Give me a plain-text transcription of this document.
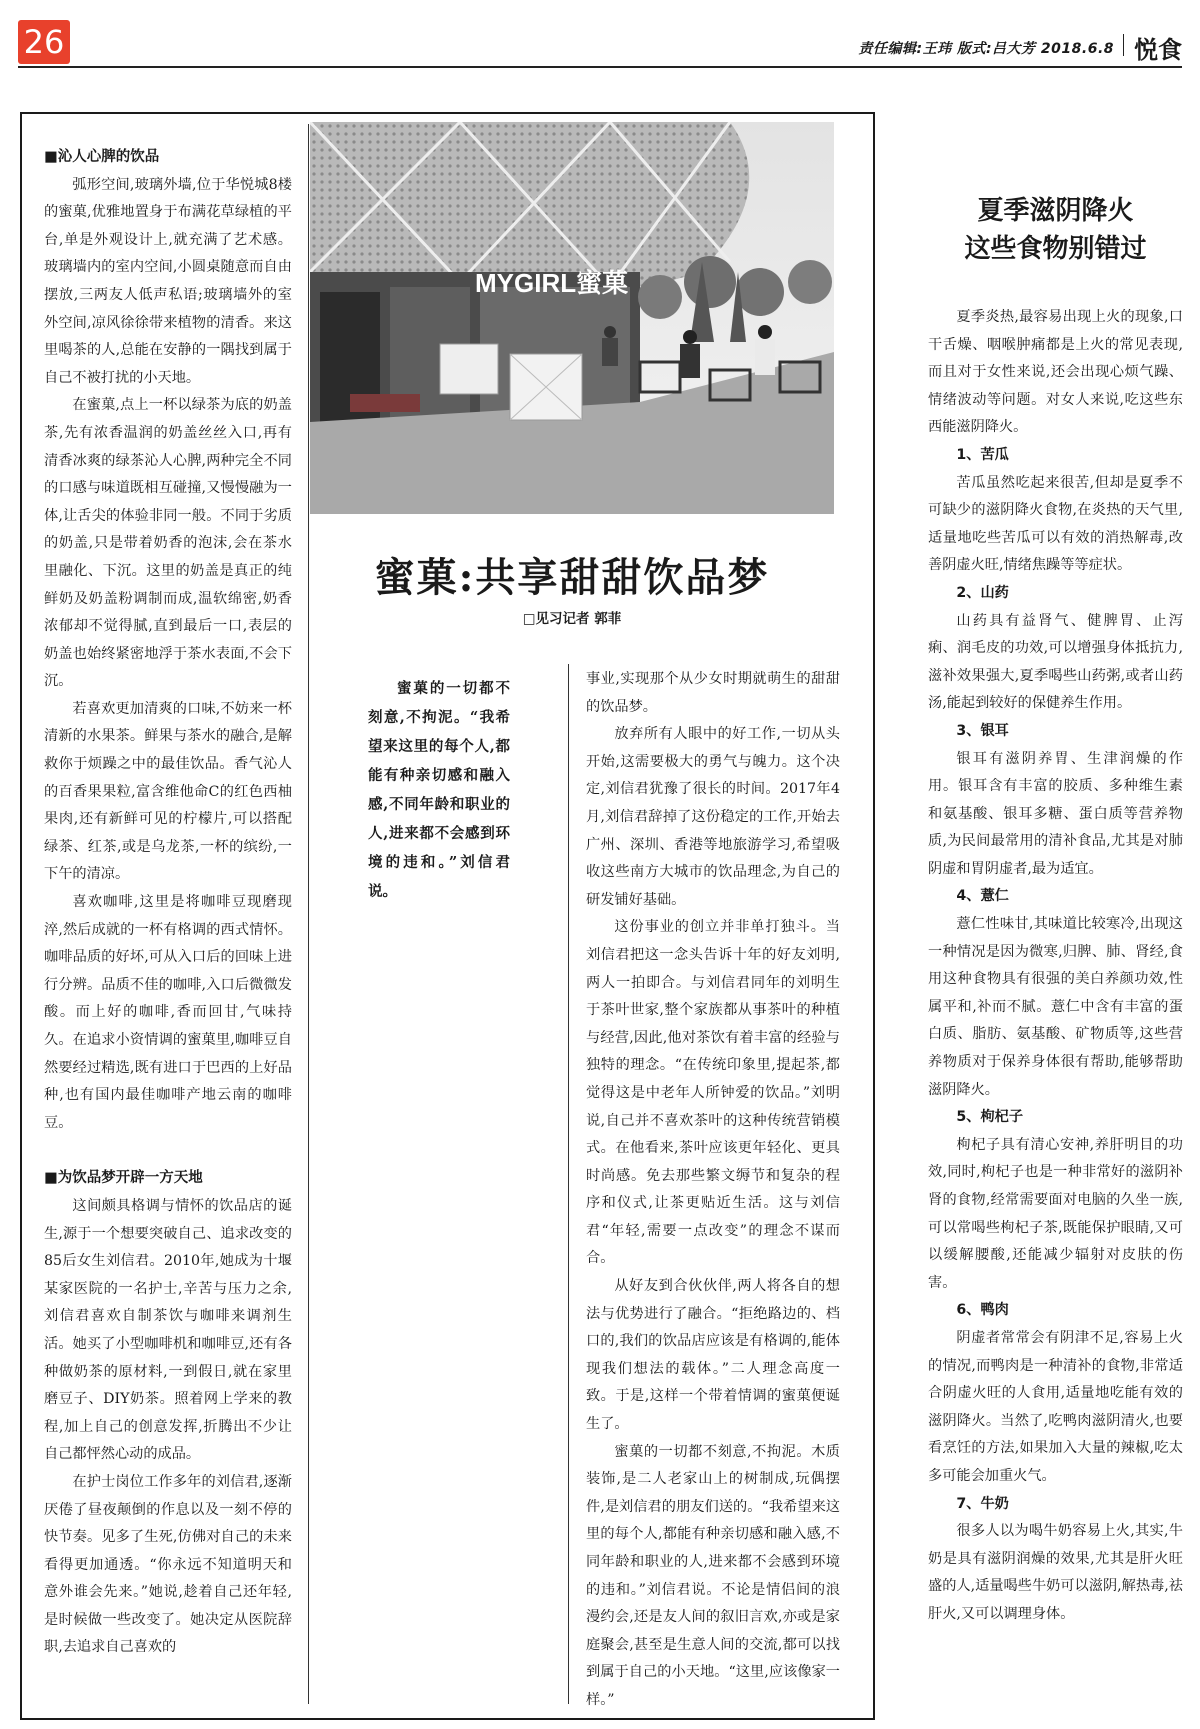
26	责任编辑:王玮 版式:吕大芳 2018.6.8 悦食
■沁人心脾的饮品

弧形空间,玻璃外墙,位于华悦城8楼的蜜菓,优雅地置身于布满花草绿植的平台,单是外观设计上,就充满了艺术感。玻璃墙内的室内空间,小圆桌随意而自由摆放,三两友人低声私语;玻璃墙外的室外空间,凉风徐徐带来植物的清香。来这里喝茶的人,总能在安静的一隅找到属于自己不被打扰的小天地。

在蜜菓,点上一杯以绿茶为底的奶盖茶,先有浓香温润的奶盖丝丝入口,再有清香冰爽的绿茶沁人心脾,两种完全不同的口感与味道既相互碰撞,又慢慢融为一体,让舌尖的体验非同一般。不同于劣质的奶盖,只是带着奶香的泡沫,会在茶水里融化、下沉。这里的奶盖是真正的纯鲜奶及奶盖粉调制而成,温软绵密,奶香浓郁却不觉得腻,直到最后一口,表层的奶盖也始终紧密地浮于茶水表面,不会下沉。

若喜欢更加清爽的口味,不妨来一杯清新的水果茶。鲜果与茶水的融合,是解救你于烦躁之中的最佳饮品。香气沁人的百香果果粒,富含维他命C的红色西柚果肉,还有新鲜可见的柠檬片,可以搭配绿茶、红茶,或是乌龙茶,一杯的缤纷,一下午的清凉。

喜欢咖啡,这里是将咖啡豆现磨现淬,然后成就的一杯有格调的西式情怀。咖啡品质的好坏,可从入口后的回味上进行分辨。品质不佳的咖啡,入口后微微发酸。而上好的咖啡,香而回甘,气味持久。在追求小资情调的蜜菓里,咖啡豆自然要经过精选,既有进口于巴西的上好品种,也有国内最佳咖啡产地云南的咖啡豆。

■为饮品梦开辟一方天地

这间颇具格调与情怀的饮品店的诞生,源于一个想要突破自己、追求改变的85后女生刘信君。2010年,她成为十堰某家医院的一名护士,辛苦与压力之余,刘信君喜欢自制茶饮与咖啡来调剂生活。她买了小型咖啡机和咖啡豆,还有各种做奶茶的原材料,一到假日,就在家里磨豆子、DIY奶茶。照着网上学来的教程,加上自己的创意发挥,折腾出不少让自己都怦然心动的成品。

在护士岗位工作多年的刘信君,逐渐厌倦了昼夜颠倒的作息以及一刻不停的快节奏。见多了生死,仿佛对自己的未来看得更加通透。“你永远不知道明天和意外谁会先来。”她说,趁着自己还年轻,是时候做一些改变了。她决定从医院辞职,去追求自己喜欢的

MYGIRL蜜菓
蜜菓:共享甜甜饮品梦
□见习记者 郭菲

蜜菓的一切都不刻意,不拘泥。“我希望来这里的每个人,都能有种亲切感和融入感,不同年龄和职业的人,进来都不会感到环境的违和。”刘信君说。

事业,实现那个从少女时期就萌生的甜甜的饮品梦。

放弃所有人眼中的好工作,一切从头开始,这需要极大的勇气与魄力。这个决定,刘信君犹豫了很长的时间。2017年4月,刘信君辞掉了这份稳定的工作,开始去广州、深圳、香港等地旅游学习,希望吸收这些南方大城市的饮品理念,为自己的研发铺好基础。

这份事业的创立并非单打独斗。当刘信君把这一念头告诉十年的好友刘明,两人一拍即合。与刘信君同年的刘明生于茶叶世家,整个家族都从事茶叶的种植与经营,因此,他对茶饮有着丰富的经验与独特的理念。“在传统印象里,提起茶,都觉得这是中老年人所钟爱的饮品。”刘明说,自己并不喜欢茶叶的这种传统营销模式。在他看来,茶叶应该更年轻化、更具时尚感。免去那些繁文缛节和复杂的程序和仪式,让茶更贴近生活。这与刘信君“年轻,需要一点改变”的理念不谋而合。

从好友到合伙伙伴,两人将各自的想法与优势进行了融合。“拒绝路边的、档口的,我们的饮品店应该是有格调的,能体现我们想法的载体。”二人理念高度一致。于是,这样一个带着情调的蜜菓便诞生了。

蜜菓的一切都不刻意,不拘泥。木质装饰,是二人老家山上的树制成,玩偶摆件,是刘信君的朋友们送的。“我希望来这里的每个人,都能有种亲切感和融入感,不同年龄和职业的人,进来都不会感到环境的违和。”刘信君说。不论是情侣间的浪漫约会,还是友人间的叙旧言欢,亦或是家庭聚会,甚至是生意人间的交流,都可以找到属于自己的小天地。“这里,应该像家一样。”

夏季滋阴降火
这些食物别错过

夏季炎热,最容易出现上火的现象,口干舌燥、咽喉肿痛都是上火的常见表现,而且对于女性来说,还会出现心烦气躁、情绪波动等问题。对女人来说,吃这些东西能滋阴降火。

1、苦瓜

苦瓜虽然吃起来很苦,但却是夏季不可缺少的滋阴降火食物,在炎热的天气里,适量地吃些苦瓜可以有效的消热解毒,改善阴虚火旺,情绪焦躁等等症状。

2、山药

山药具有益肾气、健脾胃、止泻痢、润毛皮的功效,可以增强身体抵抗力,滋补效果强大,夏季喝些山药粥,或者山药汤,能起到较好的保健养生作用。

3、银耳

银耳有滋阴养胃、生津润燥的作用。银耳含有丰富的胶质、多种维生素和氨基酸、银耳多糖、蛋白质等营养物质,为民间最常用的清补食品,尤其是对肺阴虚和胃阴虚者,最为适宜。

4、薏仁

薏仁性味甘,其味道比较寒冷,出现这一种情况是因为微寒,归脾、肺、肾经,食用这种食物具有很强的美白养颜功效,性属平和,补而不腻。薏仁中含有丰富的蛋白质、脂肪、氨基酸、矿物质等,这些营养物质对于保养身体很有帮助,能够帮助滋阴降火。

5、枸杞子

枸杞子具有清心安神,养肝明目的功效,同时,枸杞子也是一种非常好的滋阴补肾的食物,经常需要面对电脑的久坐一族,可以常喝些枸杞子茶,既能保护眼睛,又可以缓解腰酸,还能减少辐射对皮肤的伤害。

6、鸭肉

阴虚者常常会有阴津不足,容易上火的情况,而鸭肉是一种清补的食物,非常适合阴虚火旺的人食用,适量地吃能有效的滋阴降火。当然了,吃鸭肉滋阴清火,也要看烹饪的方法,如果加入大量的辣椒,吃太多可能会加重火气。

7、牛奶

很多人以为喝牛奶容易上火,其实,牛奶是具有滋阴润燥的效果,尤其是肝火旺盛的人,适量喝些牛奶可以滋阴,解热毒,祛肝火,又可以调理身体。
